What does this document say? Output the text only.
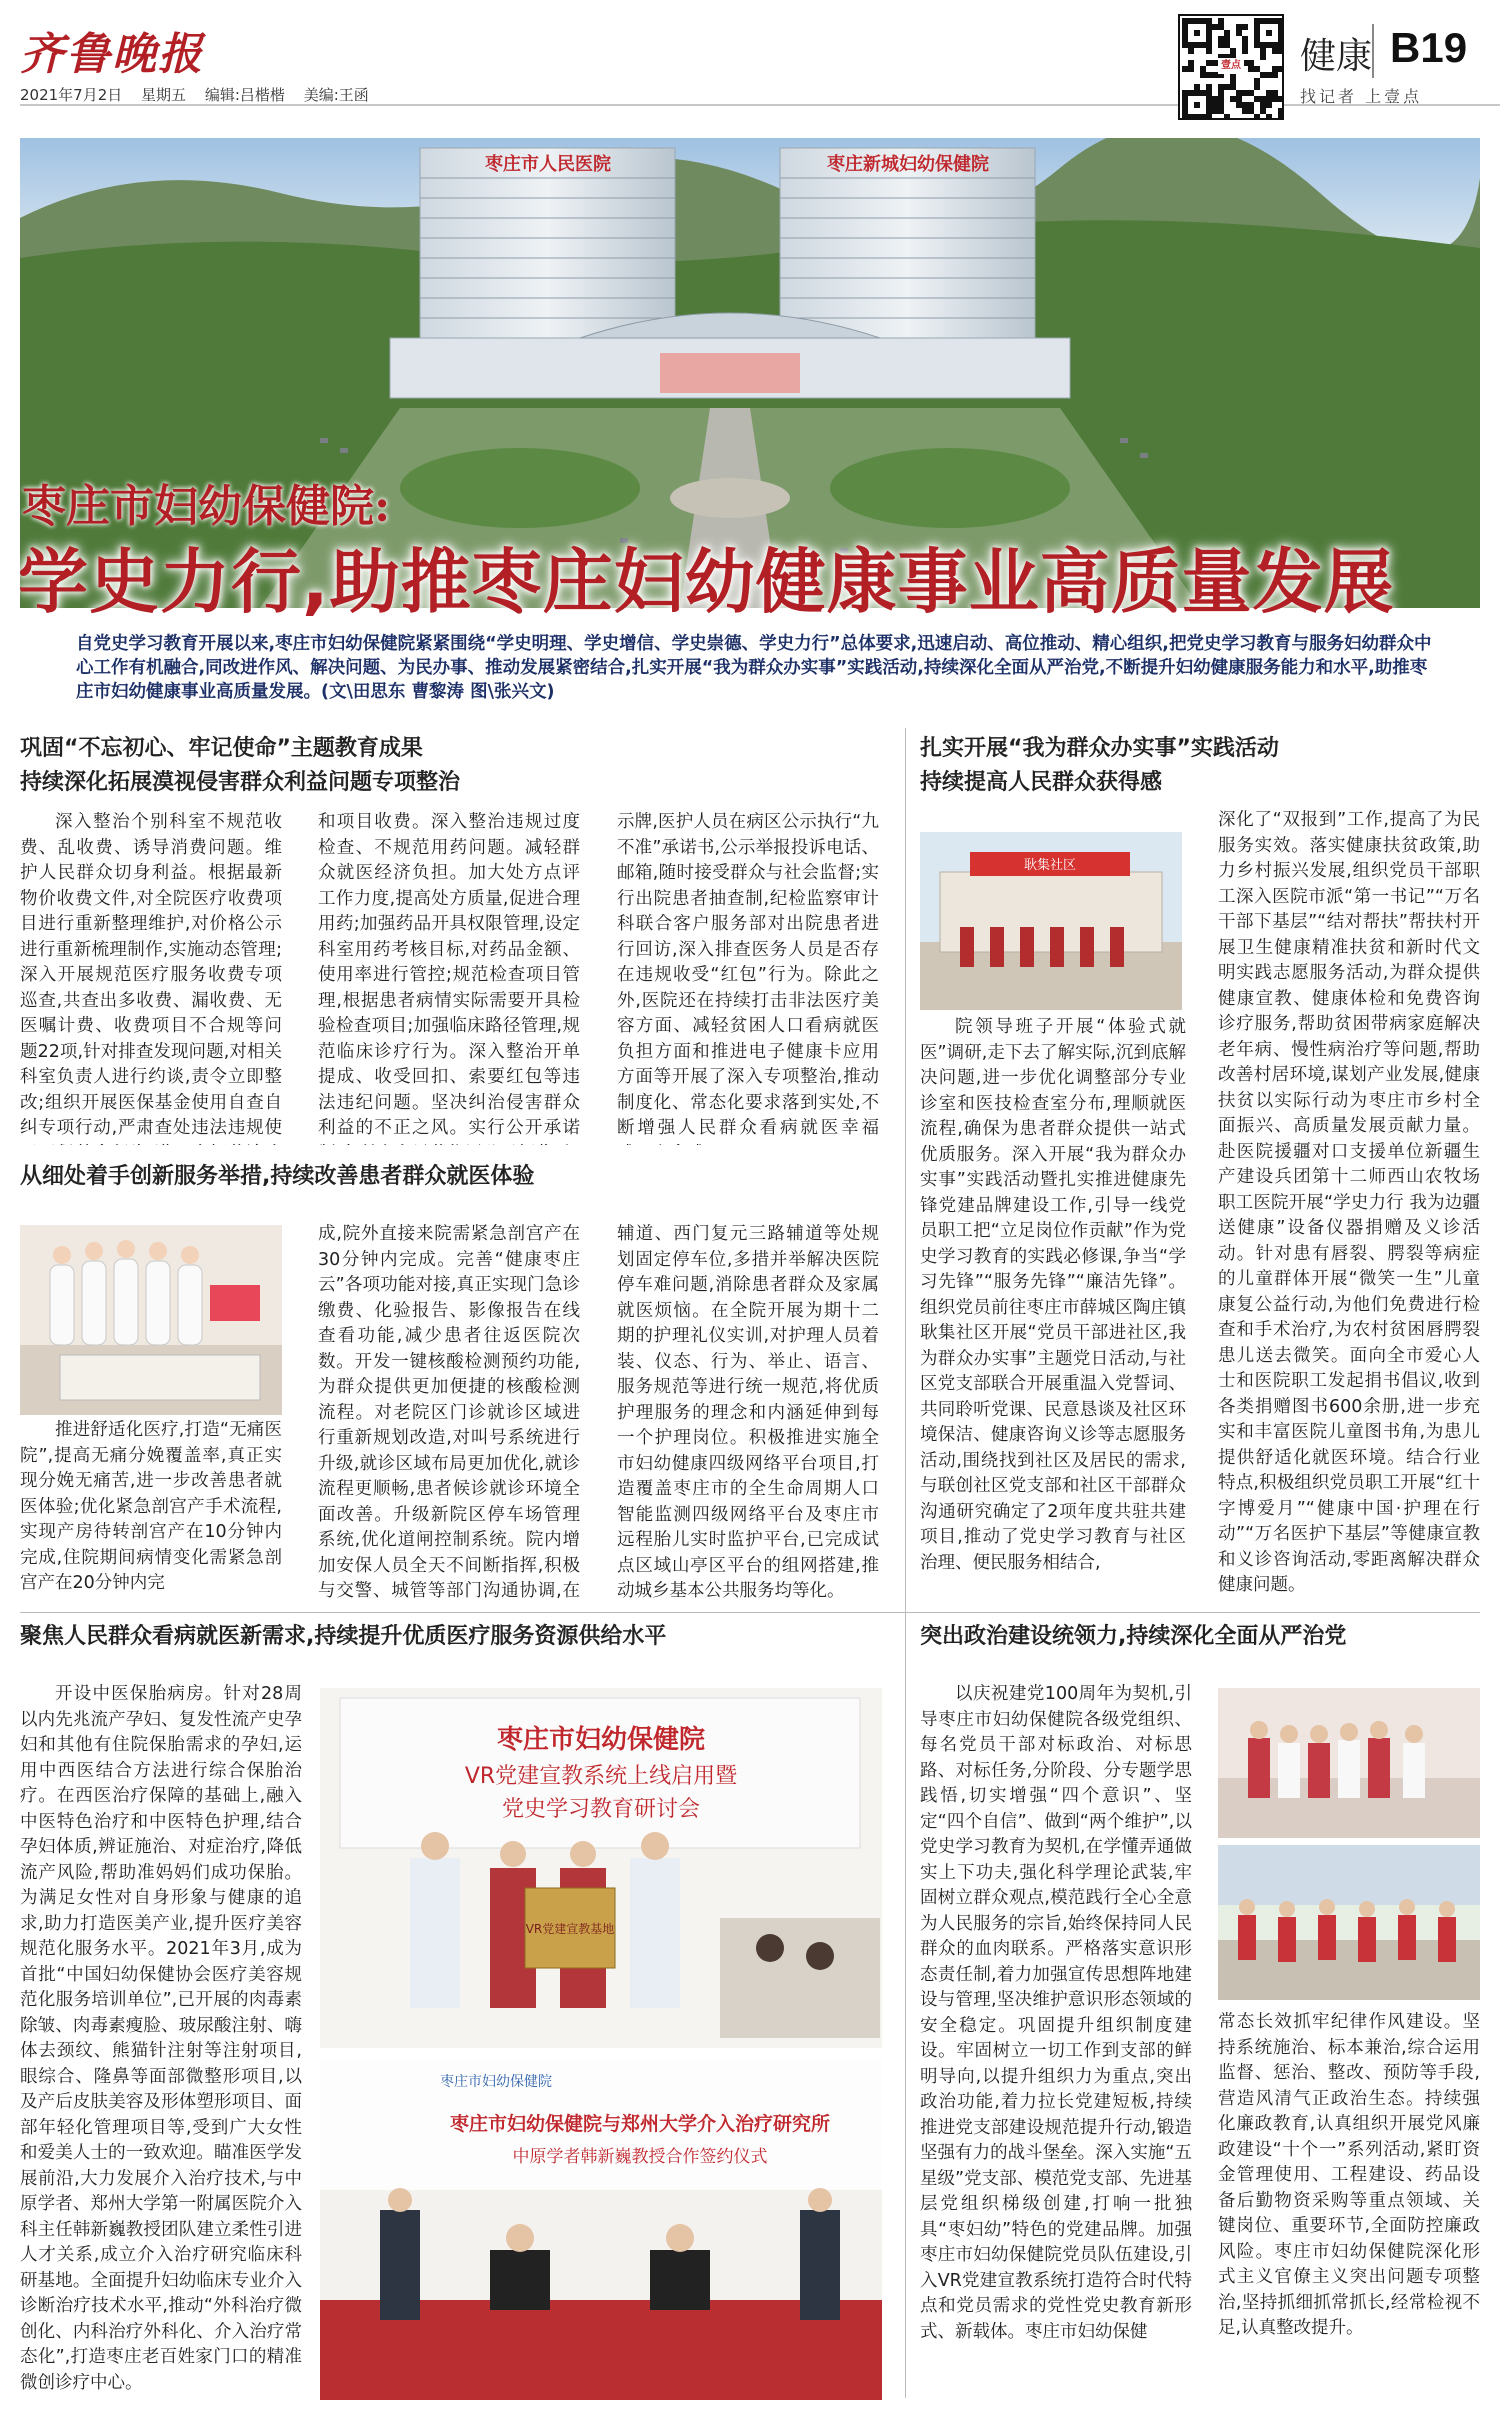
齐鲁晚报
2021年7月2日 星期五 编辑:吕楷楷 美编:王函
壹点 健康 B19
找记者 上壹点
枣庄市人民医院	枣庄新城妇幼保健院
枣庄市妇幼保健院:
学史力行,助推枣庄妇幼健康事业高质量发展
自党史学习教育开展以来,枣庄市妇幼保健院紧紧围绕“学史明理、学史增信、学史崇德、学史力行”总体要求,迅速启动、高位推动、精心组织,把党史学习教育与服务妇幼群众中心工作有机融合,同改进作风、解决问题、为民办事、推动发展紧密结合,扎实开展“我为群众办实事”实践活动,持续深化全面从严治党,不断提升妇幼健康服务能力和水平,助推枣庄市妇幼健康事业高质量发展。(文\田思东 曹黎涛 图\张兴文)
巩固“不忘初心、牢记使命”主题教育成果
持续深化拓展漠视侵害群众利益问题专项整治
深入整治个别科室不规范收费、乱收费、诱导消费问题。维护人民群众切身利益。根据最新物价收费文件,对全院医疗收费项目进行重新整理维护,对价格公示进行重新梳理制作,实施动态管理;深入开展规范医疗服务收费专项巡查,共查出多收费、漏收费、无医嘱计费、收费项目不合规等问题22项,针对排查发现问题,对相关科室负责人进行约谈,责令立即整改;组织开展医保基金使用自查自纠专项行动,严肃查处违法违规使
和项目收费。深入整治违规过度检查、不规范用药问题。减轻群众就医经济负担。加大处方点评工作力度,提高处方质量,促进合理用药;加强药品开具权限管理,设定科室用药考核目标,对药品金额、使用率进行管控;规范检查项目管理,根据患者病情实际需要开具检验检查项目;加强临床路径管理,规范临床诊疗行为。深入整治开单提成、收受回扣、索要红包等违法违纪问题。坚决纠治侵害群众利益的不正之风。实行公开承诺
示牌,医护人员在病区公示执行“九不准”承诺书,公示举报投诉电话、邮箱,随时接受群众与社会监督;实行出院患者抽查制,纪检监察审计科联合客户服务部对出院患者进行回访,深入排查医务人员是否存在违规收受“红包”行为。除此之外,医院还在持续打击非法医疗美容方面、减轻贫困人口看病就医负担方面和推进电子健康卡应用方面等开展了深入专项整治,推动制度化、常态化要求落到实处,不断增强人民群众看病就医幸福
从细处着手创新服务举措,持续改善患者群众就医体验
推进舒适化医疗,打造“无痛医院”,提高无痛分娩覆盖率,真正实现分娩无痛苦,进一步改善患者就医体验;优化紧急剖宫产手术流程,实现产房待转剖宫产在10分钟内完成,住院期间病情变化需紧急剖宫产在20分钟内完
成,院外直接来院需紧急剖宫产在30分钟内完成。完善“健康枣庄云”各项功能对接,真正实现门急诊缴费、化验报告、影像报告在线查看功能,减少患者往返医院次数。开发一键核酸检测预约功能,为群众提供更加便捷的核酸检测流程。对老院区门诊就诊区域进行重新规划改造,对叫号系统进行升级,就诊区域布局更加优化,就诊流程更顺畅,患者候诊就诊环境全面改善。升级新院区停车场管理系统,优化道闸控制系统。院内增加安保人员全天不间断指挥,积极与交警、城管等部门沟通协调,在
辅道、西门复元三路辅道等处规划固定停车位,多措并举解决医院停车难问题,消除患者群众及家属就医烦恼。在全院开展为期十二期的护理礼仪实训,对护理人员着装、仪态、行为、举止、语言、服务规范等进行统一规范,将优质护理服务的理念和内涵延伸到每一个护理岗位。积极推进实施全市妇幼健康四级网络平台项目,打造覆盖枣庄市的全生命周期人口智能监测四级网络平台及枣庄市远程胎儿实时监护平台,已完成试点区域山亭区平台的组网搭建,推动城乡基本公共服务均等化。
聚焦人民群众看病就医新需求,持续提升优质医疗服务资源供给水平
开设中医保胎病房。针对28周以内先兆流产孕妇、复发性流产史孕妇和其他有住院保胎需求的孕妇,运用中西医结合方法进行综合保胎治疗。在西医治疗保障的基础上,融入中医特色治疗和中医特色护理,结合孕妇体质,辨证施治、对症治疗,降低流产风险,帮助准妈妈们成功保胎。为满足女性对自身形象与健康的追求,助力打造医美产业,提升医疗美容规范化服务水平。2021年3月,成为首批“中国妇幼保健协会医疗美容规范化服务培训单位”,已开展的肉毒素除皱、肉毒素瘦脸、玻尿酸注射、嗨体去颈纹、熊猫针注射等注射项目,眼综合、隆鼻等面部微整形项目,以及产后皮肤美容及形体塑形项目、面部年轻化管理项目等,受到广大女性和爱美人士的一致欢迎。瞄准医学发展前沿,大力发展介入治疗技术,与中原学者、郑州大学第一附属医院介入科主任韩新巍教授团队建立柔性引进人才关系,成立介入治疗研究临床科研基地。全面提升妇幼临床专业介入诊断治疗技术水平,推动“外科治疗微创化、内科治疗外科化、介入治疗常态化”,打造枣庄老百姓家门口的精准微创诊疗中心。
枣庄市妇幼保健院
VR党建宣教系统上线启用暨
党史学习教育研讨会
VR党建宣教基地
枣庄市妇幼保健院
枣庄市妇幼保健院与郑州大学介入治疗研究所
中原学者韩新巍教授合作签约仪式
扎实开展“我为群众办实事”实践活动
持续提高人民群众获得感
耿集社区
院领导班子开展“体验式就医”调研,走下去了解实际,沉到底解决问题,进一步优化调整部分专业诊室和医技检查室分布,理顺就医流程,确保为患者群众提供一站式优质服务。深入开展“我为群众办实事”实践活动暨扎实推进健康先锋党建品牌建设工作,引导一线党员职工把“立足岗位作贡献”作为党史学习教育的实践必修课,争当“学习先锋”“服务先锋”“廉洁先锋”。组织党员前往枣庄市薛城区陶庄镇耿集社区开展“党员干部进社区,我为群众办实事”主题党日活动,与社区党支部联合开展重温入党誓词、共同聆听党课、民意恳谈及社区环境保洁、健康咨询义诊等志愿服务活动,围绕找到社区及居民的需求,与联创社区党支部和社区干部群众沟通研究确定了2项年度共驻共建项目,推动了党史学习教育与社区治理、便民服务相结合,
深化了“双报到”工作,提高了为民服务实效。落实健康扶贫政策,助力乡村振兴发展,组织党员干部职工深入医院市派“第一书记”“万名干部下基层”“结对帮扶”帮扶村开展卫生健康精准扶贫和新时代文明实践志愿服务活动,为群众提供健康宣教、健康体检和免费咨询诊疗服务,帮助贫困带病家庭解决老年病、慢性病治疗等问题,帮助改善村居环境,谋划产业发展,健康扶贫以实际行动为枣庄市乡村全面振兴、高质量发展贡献力量。赴医院援疆对口支援单位新疆生产建设兵团第十二师西山农牧场职工医院开展“学史力行 我为边疆送健康”设备仪器捐赠及义诊活动。针对患有唇裂、腭裂等病症的儿童群体开展“微笑一生”儿童康复公益行动,为他们免费进行检查和手术治疗,为农村贫困唇腭裂患儿送去微笑。面向全市爱心人士和医院职工发起捐书倡议,收到各类捐赠图书600余册,进一步充实和丰富医院儿童图书角,为患儿提供舒适化就医环境。结合行业特点,积极组织党员职工开展“红十字博爱月”“健康中国·护理在行动”“万名医护下基层”等健康宣教和义诊咨询活动,零距离解决群众健康问题。
突出政治建设统领力,持续深化全面从严治党
以庆祝建党100周年为契机,引导枣庄市妇幼保健院各级党组织、每名党员干部对标政治、对标思路、对标任务,分阶段、分专题学思践悟,切实增强“四个意识”、坚定“四个自信”、做到“两个维护”,以党史学习教育为契机,在学懂弄通做实上下功夫,强化科学理论武装,牢固树立群众观点,模范践行全心全意为人民服务的宗旨,始终保持同人民群众的血肉联系。严格落实意识形态责任制,着力加强宣传思想阵地建设与管理,坚决维护意识形态领域的安全稳定。巩固提升组织制度建设。牢固树立一切工作到支部的鲜明导向,以提升组织力为重点,突出政治功能,着力拉长党建短板,持续推进党支部建设规范提升行动,锻造坚强有力的战斗堡垒。深入实施“五星级”党支部、模范党支部、先进基层党组织梯级创建,打响一批独具“枣妇幼”特色的党建品牌。加强枣庄市妇幼保健院党员队伍建设,引入VR党建宣教系统打造符合时代特点和党员需求的党性党史教育新形式、新载体。枣庄市妇幼保健
常态长效抓牢纪律作风建设。坚持系统施治、标本兼治,综合运用监督、惩治、整改、预防等手段,营造风清气正政治生态。持续强化廉政教育,认真组织开展党风廉政建设“十个一”系列活动,紧盯资金管理使用、工程建设、药品设备后勤物资采购等重点领域、关键岗位、重要环节,全面防控廉政风险。枣庄市妇幼保健院深化形式主义官僚主义突出问题专项整治,坚持抓细抓常抓长,经常检视不足,认真整改提升。
